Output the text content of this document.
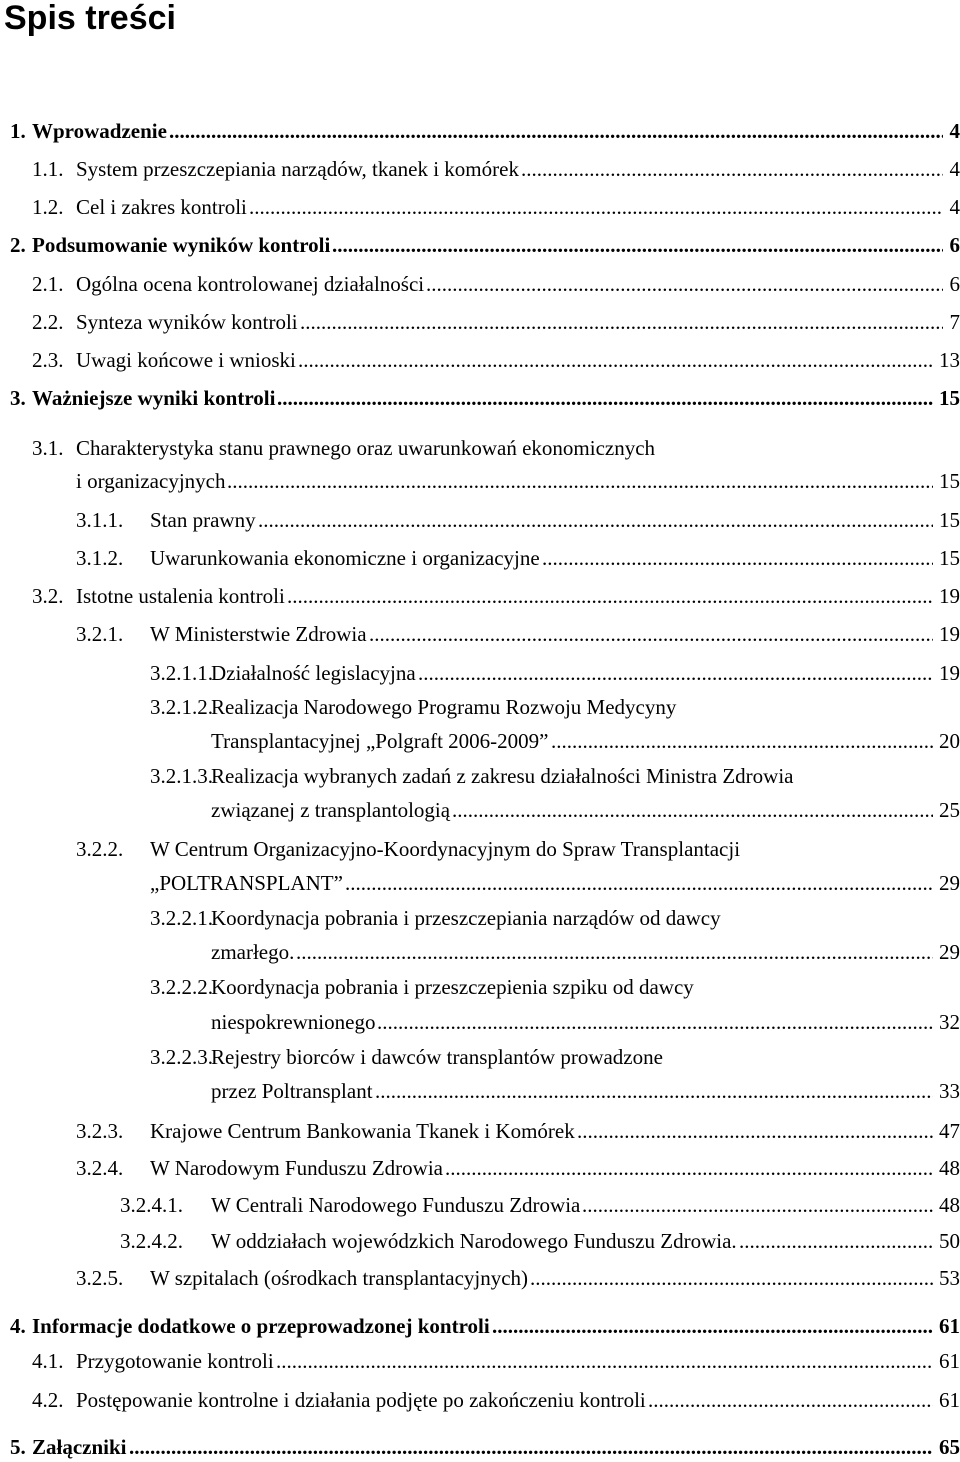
Spis treści
1. Wprowadzenie .....	4
1.1. System przeszczepiania narządów, tkanek i komórek .....	4
1.2. Cel i zakres kontroli .....	4
2. Podsumowanie wyników kontroli .....	6
2.1. Ogólna ocena kontrolowanej działalności .....	6
2.2. Synteza wyników kontroli .....	7
2.3. Uwagi końcowe i wnioski .....	13
3. Ważniejsze wyniki kontroli .....	15
3.1. Charakterystyka stanu prawnego oraz uwarunkowań ekonomicznych
i organizacyjnych .....	15
3.1.1. Stan prawny .....	15
3.1.2. Uwarunkowania ekonomiczne i organizacyjne .....	15
3.2. Istotne ustalenia kontroli .....	19
3.2.1. W Ministerstwie Zdrowia .....	19
3.2.1.1.
Działalność legislacyjna .....	19
3.2.1.2.
Realizacja Narodowego Programu Rozwoju Medycyny
Transplantacyjnej „Polgraft 2006-2009” .....	20
3.2.1.3.
Realizacja wybranych zadań z zakresu działalności Ministra Zdrowia
związanej z transplantologią .....	25
3.2.2. W Centrum Organizacyjno-Koordynacyjnym do Spraw Transplantacji
„POLTRANSPLANT” .....	29
3.2.2.1.
Koordynacja pobrania i przeszczepiania narządów od dawcy
zmarłego. .....	29
3.2.2.2.
Koordynacja pobrania i przeszczepienia szpiku od dawcy
niespokrewnionego .....	32
3.2.2.3.
Rejestry biorców i dawców transplantów prowadzone
przez Poltransplant .....	33
3.2.3. Krajowe Centrum Bankowania Tkanek i Komórek .....	47
3.2.4. W Narodowym Funduszu Zdrowia .....	48
3.2.4.1. W Centrali Narodowego Funduszu Zdrowia .....	48
3.2.4.2. W oddziałach wojewódzkich Narodowego Funduszu Zdrowia. .....	50
3.2.5. W szpitalach (ośrodkach transplantacyjnych) .....	53
4. Informacje dodatkowe o przeprowadzonej kontroli .....	61
4.1. Przygotowanie kontroli .....	61
4.2. Postępowanie kontrolne i działania podjęte po zakończeniu kontroli .....	61
5. Załączniki .....	65
